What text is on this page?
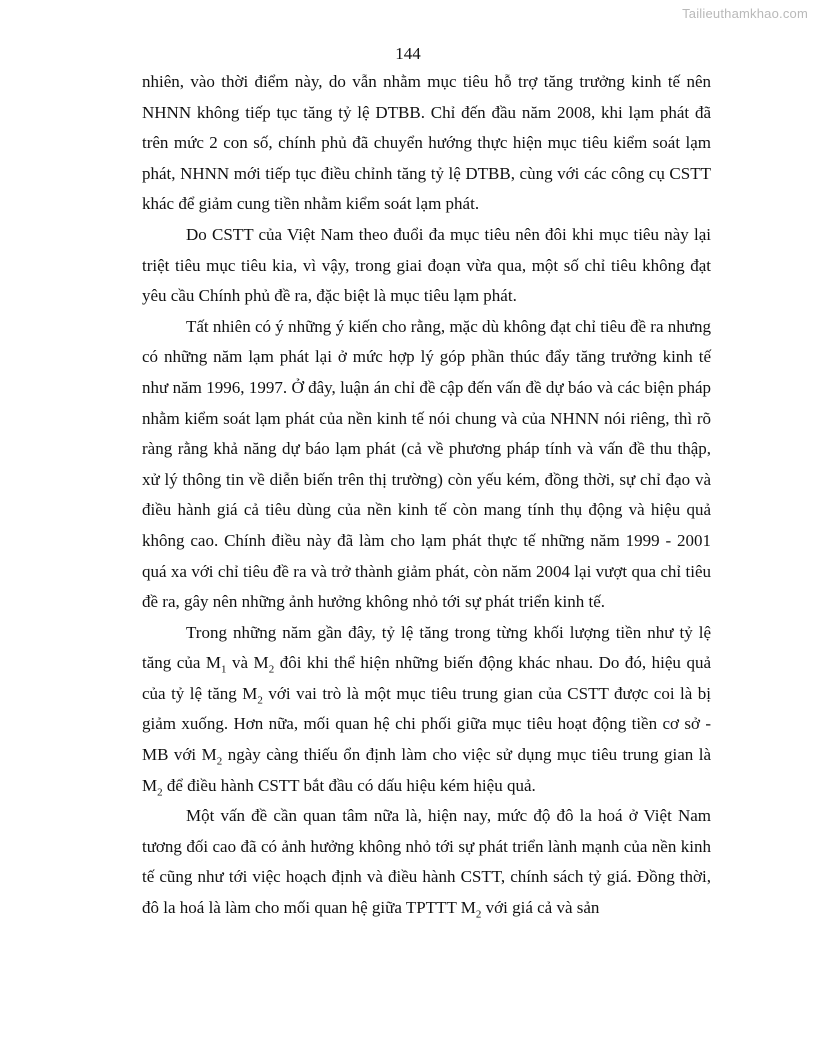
Tailieuthamkhao.com
144

nhiên, vào thời điểm này, do vẫn nhằm mục tiêu hỗ trợ tăng trưởng kinh tế nên NHNN không tiếp tục tăng tỷ lệ DTBB. Chỉ đến đầu năm 2008, khi lạm phát đã trên mức 2 con số, chính phủ đã chuyển hướng thực hiện mục tiêu kiểm soát lạm phát, NHNN mới tiếp tục điều chỉnh tăng tỷ lệ DTBB, cùng với các công cụ CSTT khác để giảm cung tiền nhằm kiểm soát lạm phát.

Do CSTT của Việt Nam theo đuổi đa mục tiêu nên đôi khi mục tiêu này lại triệt tiêu mục tiêu kia, vì vậy, trong giai đoạn vừa qua, một số chỉ tiêu không đạt yêu cầu Chính phủ đề ra, đặc biệt là mục tiêu lạm phát.

Tất nhiên có ý những ý kiến cho rằng, mặc dù không đạt chỉ tiêu đề ra nhưng có những năm lạm phát lại ở mức hợp lý góp phần thúc đẩy tăng trưởng kinh tế như năm 1996, 1997. Ở đây, luận án chỉ đề cập đến vấn đề dự báo và các biện pháp nhằm kiểm soát lạm phát của nền kinh tế nói chung và của NHNN nói riêng, thì rõ ràng rằng khả năng dự báo lạm phát (cả về phương pháp tính và vấn đề thu thập, xử lý thông tin về diễn biến trên thị trường) còn yếu kém, đồng thời, sự chỉ đạo và điều hành giá cả tiêu dùng của nền kinh tế còn mang tính thụ động và hiệu quả không cao. Chính điều này đã làm cho lạm phát thực tế những năm 1999 - 2001 quá xa với chỉ tiêu đề ra và trở thành giảm phát, còn năm 2004 lại vượt qua chỉ tiêu đề ra, gây nên những ảnh hưởng không nhỏ tới sự phát triển kinh tế.

Trong những năm gần đây, tỷ lệ tăng trong từng khối lượng tiền như tỷ lệ tăng của $M_1$ và $M_2$ đôi khi thể hiện những biến động khác nhau. Do đó, hiệu quả của tỷ lệ tăng $M_2$ với vai trò là một mục tiêu trung gian của CSTT được coi là bị giảm xuống. Hơn nữa, mối quan hệ chi phối giữa mục tiêu hoạt động tiền cơ sở - MB với $M_2$ ngày càng thiếu ổn định làm cho việc sử dụng mục tiêu trung gian là $M_2$ để điều hành CSTT bắt đầu có dấu hiệu kém hiệu quả.

Một vấn đề cần quan tâm nữa là, hiện nay, mức độ đô la hoá ở Việt Nam tương đối cao đã có ảnh hưởng không nhỏ tới sự phát triển lành mạnh của nền kinh tế cũng như tới việc hoạch định và điều hành CSTT, chính sách tỷ giá. Đồng thời, đô la hoá là làm cho mối quan hệ giữa TPTTT $M_2$ với giá cả và sản
